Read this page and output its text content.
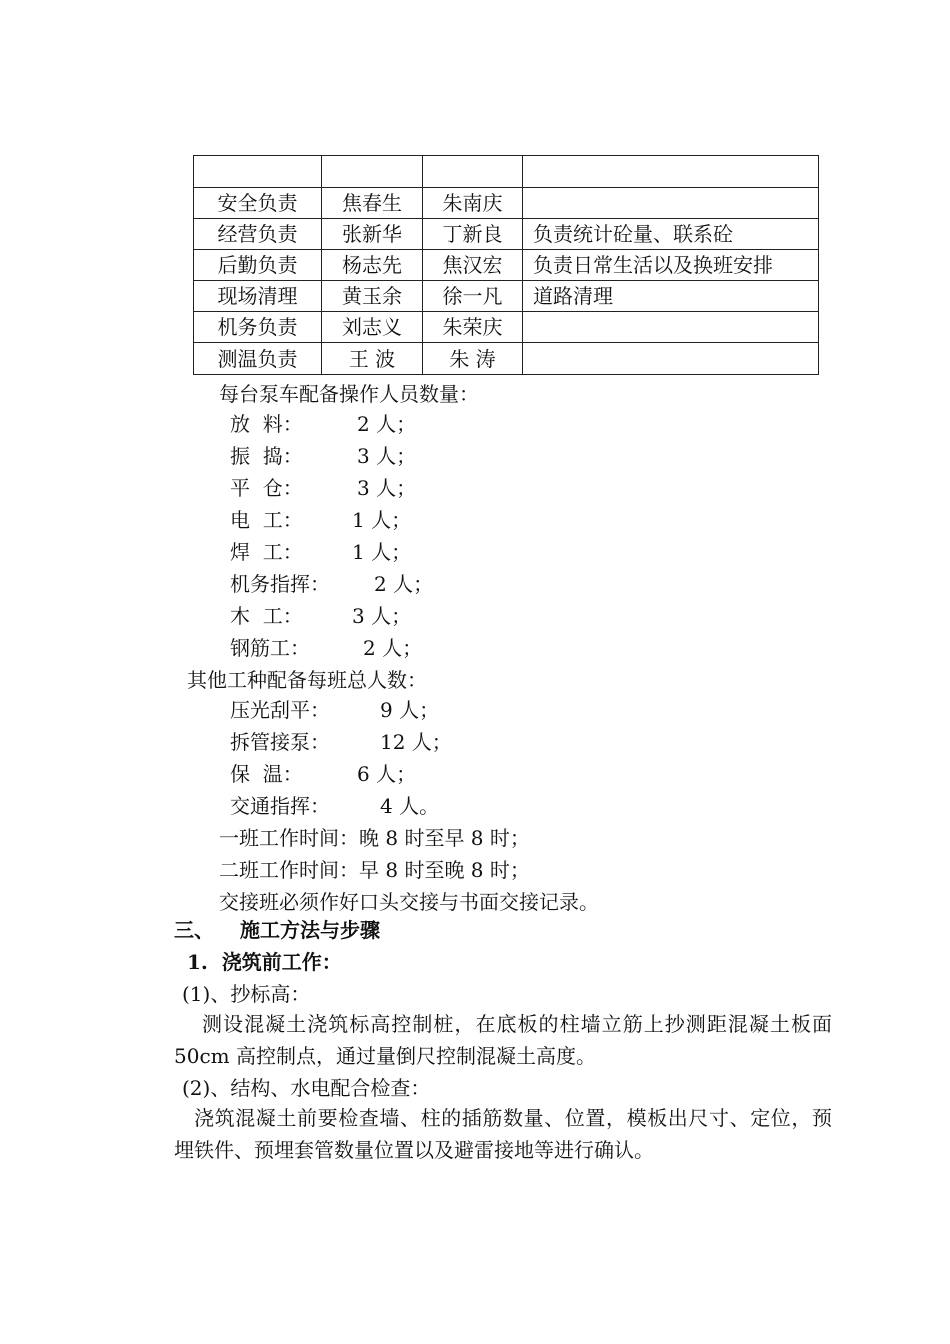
安全负责	焦春生	朱南庆	
经营负责	张新华	丁新良	负责统计砼量、联系砼
后勤负责	杨志先	焦汉宏	负责日常生活以及换班安排
现场清理	黄玉余	徐一凡	道路清理
机务负责	刘志义	朱荣庆	
测温负责	王 波	朱 涛	
每台泵车配备操作人员数量：
放  料：	2 人；
振  捣：	3 人；
平  仓：	3 人；
电  工： 1 人；
焊  工： 1 人；
机务指挥： 2 人；
木  工： 3 人；
钢筋工：	2 人；
其他工种配备每班总人数：
压光刮平：	9 人；
拆管接泵：	12 人；
保  温：	6 人；
交通指挥：	4 人。
一班工作时间：晚 8 时至早 8 时；
二班工作时间：早 8 时至晚 8 时；
交接班必须作好口头交接与书面交接记录。
三、 施工方法与步骤
1.  浇筑前工作：
(1)、抄标高：
测设混凝土浇筑标高控制桩，在底板的柱墙立筋上抄测距混凝土板面 50cm 高控制点，通过量倒尺控制混凝土高度。
(2)、结构、水电配合检查：
浇筑混凝土前要检查墙、柱的插筋数量、位置，模板出尺寸、定位，预埋铁件、预埋套管数量位置以及避雷接地等进行确认。
